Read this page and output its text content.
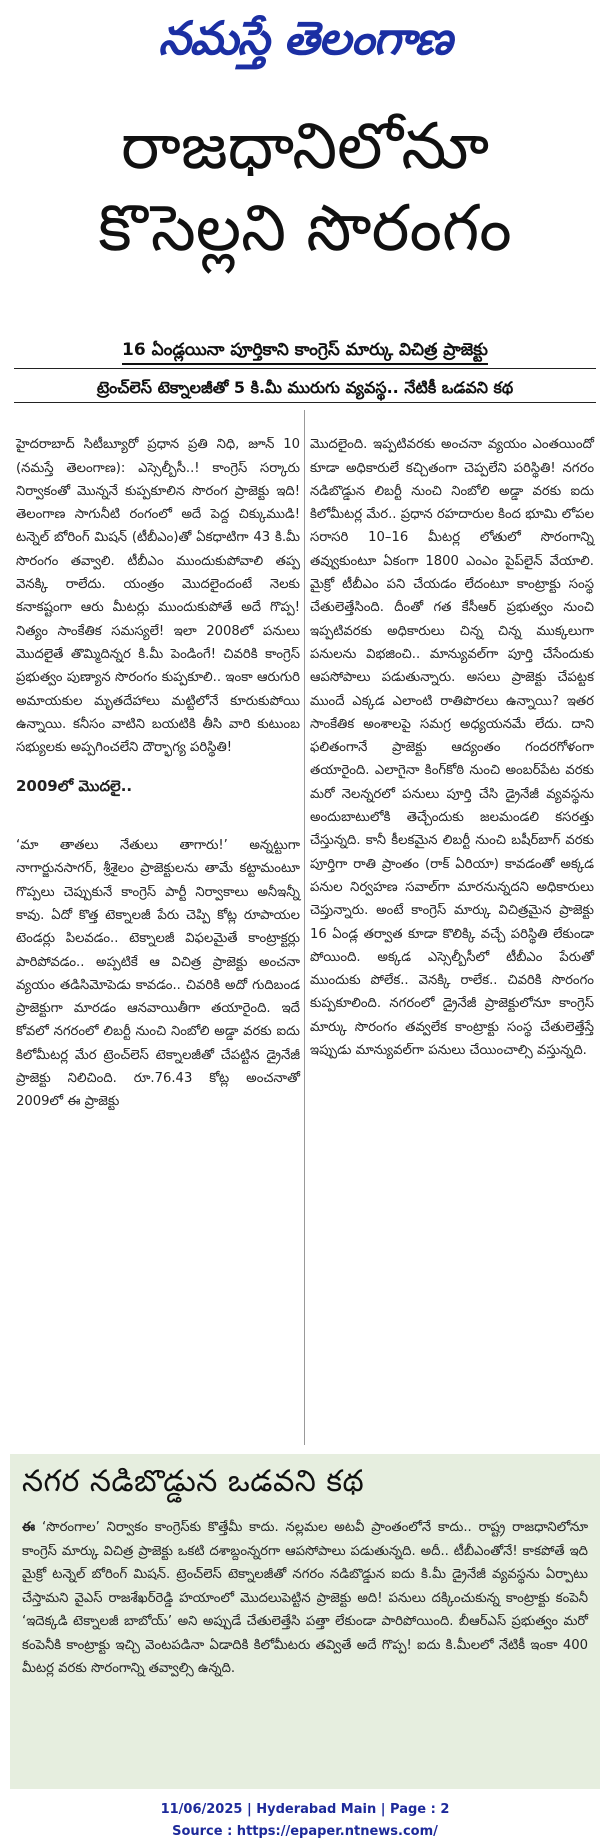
నమస్తే తెలంగాణ
రాజధానిలోనూ
కొసెల్లని సొరంగం
16 ఏండ్లయినా పూర్తికాని కాంగ్రెస్ మార్కు విచిత్ర ప్రాజెక్టు
ట్రెంచ్‌లెస్ టెక్నాలజీతో 5 కి.మీ మురుగు వ్యవస్థ.. నేటికీ ఒడవని కథ

హైదరాబాద్ సిటీబ్యూరో ప్రధాన ప్రతి నిధి, జూన్ 10 (నమస్తే తెలంగాణ): ఎస్సెల్బీసీ..! కాంగ్రెస్ సర్కారు నిర్వాకంతో మొన్ననే కుప్పకూలిన సొరంగ ప్రాజెక్టు ఇది! తెలంగాణ సాగునీటి రంగంలో అదే పెద్ద చిక్కుముడి! టన్నెల్ బోరింగ్ మిషన్ (టీబీఎం)తో ఏకధాటిగా 43 కి.మీ సొరంగం తవ్వాలి. టీబీఎం ముందుకుపోవాలి తప్ప వెనక్కి రాలేదు. యంత్రం మొదలైందంటే నెలకు కనాకష్టంగా ఆరు మీటర్లు ముందుకుపోతే అదే గొప్ప! నిత్యం సాంకేతిక సమస్యలే! ఇలా 2008లో పనులు మొదలైతే తొమ్మిదిన్నర కి.మీ పెండింగే! చివరికి కాంగ్రెస్ ప్రభుత్వం పుణ్యాన సొరంగం కుప్పకూలి.. ఇంకా ఆరుగురి అమాయకుల మృతదేహాలు మట్టిలోనే కూరుకుపోయి ఉన్నాయి. కనీసం వాటిని బయటికి తీసి వారి కుటుంబ సభ్యులకు అప్పగించలేని దౌర్భాగ్య పరిస్థితి!

2009లో మొదలై..

‘మా తాతలు నేతులు తాగారు!’ అన్నట్టుగా నాగార్జునసాగర్, శ్రీశైలం ప్రాజెక్టులను తామే కట్టామంటూ గొప్పలు చెప్పుకునే కాంగ్రెస్ పార్టీ నిర్వాకాలు అనీఇన్నీ కావు. ఏదో కొత్త టెక్నాలజీ పేరు చెప్పి కోట్ల రూపాయల టెండర్లు పిలవడం.. టెక్నాలజీ విఫలమైతే కాంట్రాక్టర్లు పారిపోవడం.. అప్పటికే ఆ విచిత్ర ప్రాజెక్టు అంచనా వ్యయం తడిసిమోపెడు కావడం.. చివరికి అదో గుదిబండ ప్రాజెక్టుగా మారడం ఆనవాయితీగా తయారైంది. ఇదే కోవలో నగరంలో లిబర్టీ నుంచి నింబోలి అడ్డా వరకు ఐదు కిలోమీటర్ల మేర ట్రెంచ్‌లెస్ టెక్నాలజీతో చేపట్టిన డ్రైనేజీ ప్రాజెక్టు నిలిచింది. రూ.76.43 కోట్ల అంచనాతో 2009లో ఈ ప్రాజెక్టు

మొదలైంది. ఇప్పటివరకు అంచనా వ్యయం ఎంతయిందో కూడా అధికారులే కచ్చితంగా చెప్పలేని పరిస్థితి! నగరం నడిబొడ్డున లిబర్టీ నుంచి నింబోలి అడ్డా వరకు ఐదు కిలోమీటర్ల మేర.. ప్రధాన రహదారుల కింద భూమి లోపల సరాసరి 10–16 మీటర్ల లోతులో సొరంగాన్ని తవ్వుకుంటూ ఏకంగా 1800 ఎంఎం పైప్‌లైన్ వేయాలి. మైక్రో టీబీఎం పని చేయడం లేదంటూ కాంట్రాక్టు సంస్థ చేతులెత్తేసింది. దీంతో గత కేసీఆర్ ప్రభుత్వం నుంచి ఇప్పటివరకు అధికారులు చిన్న చిన్న ముక్కలుగా పనులను విభజించి.. మాన్యువల్‌గా పూర్తి చేసేందుకు ఆపసోపాలు పడుతున్నారు. అసలు ప్రాజెక్టు చేపట్టక ముందే ఎక్కడ ఎలాంటి రాతిపొరలు ఉన్నాయి? ఇతర సాంకేతిక అంశాలపై సమగ్ర అధ్యయనమే లేదు. దాని ఫలితంగానే ప్రాజెక్టు ఆద్యంతం గందరగోళంగా తయారైంది. ఎలాగైనా కింగ్‌కోఠి నుంచి అంబర్‌పేట వరకు మరో నెలన్నరలో పనులు పూర్తి చేసి డ్రైనేజీ వ్యవస్థను అందుబాటులోకి తెచ్చేందుకు జలమండలి కసరత్తు చేస్తున్నది. కానీ కీలకమైన లిబర్టీ నుంచి బషీర్‌బాగ్ వరకు పూర్తిగా రాతి ప్రాంతం (రాక్ ఏరియా) కావడంతో అక్కడ పనుల నిర్వహణ సవాల్‌గా మారనున్నదని అధికారులు చెప్తున్నారు. అంటే కాంగ్రెస్ మార్కు విచిత్రమైన ప్రాజెక్టు 16 ఏండ్ల తర్వాత కూడా కొలిక్కి వచ్చే పరిస్థితి లేకుండా పోయింది. అక్కడ ఎస్సెల్బీసీలో టీబీఎం పేరుతో ముందుకు పోలేక.. వెనక్కి రాలేక.. చివరికి సొరంగం కుప్పకూలింది. నగరంలో డ్రైనేజీ ప్రాజెక్టులోనూ కాంగ్రెస్ మార్కు సొరంగం తవ్వలేక కాంట్రాక్టు సంస్థ చేతులెత్తేస్తే ఇప్పుడు మాన్యువల్‌గా పనులు చేయించాల్సి వస్తున్నది.

నగర నడిబొడ్డున ఒడవని కథ
ఈ ‘సొరంగాల’ నిర్వాకం కాంగ్రెస్‌కు కొత్తేమీ కాదు. నల్లమల అటవీ ప్రాంతంలోనే కాదు.. రాష్ట్ర రాజధానిలోనూ కాంగ్రెస్ మార్కు విచిత్ర ప్రాజెక్టు ఒకటి దశాబ్దంన్నరగా ఆపసోపాలు పడుతున్నది. అదీ.. టీబీఎంతోనే! కాకపోతే ఇది మైక్రో టన్నెల్ బోరింగ్ మిషన్. ట్రెంచ్‌లెస్ టెక్నాలజీతో నగరం నడిబొడ్డున ఐదు కి.మీ డ్రైనేజీ వ్యవస్థను ఏర్పాటు చేస్తామని వైఎస్ రాజశేఖర్‌రెడ్డి హయాంలో మొదలుపెట్టిన ప్రాజెక్టు అది! పనులు దక్కించుకున్న కాంట్రాక్టు కంపెనీ ‘ఇదెక్కడి టెక్నాలజీ బాబోయ్’ అని అప్పుడే చేతులెత్తేసి పత్తా లేకుండా పారిపోయింది. బీఆర్‌ఎస్ ప్రభుత్వం మరో కంపెనీకి కాంట్రాక్టు ఇచ్చి వెంటపడినా ఏడాదికి కిలోమీటరు తవ్వితే అదే గొప్ప! ఐదు కి.మీలలో నేటికీ ఇంకా 400 మీటర్ల వరకు సొరంగాన్ని తవ్వాల్సి ఉన్నది.
11/06/2025 | Hyderabad Main | Page : 2
Source : https://epaper.ntnews.com/
